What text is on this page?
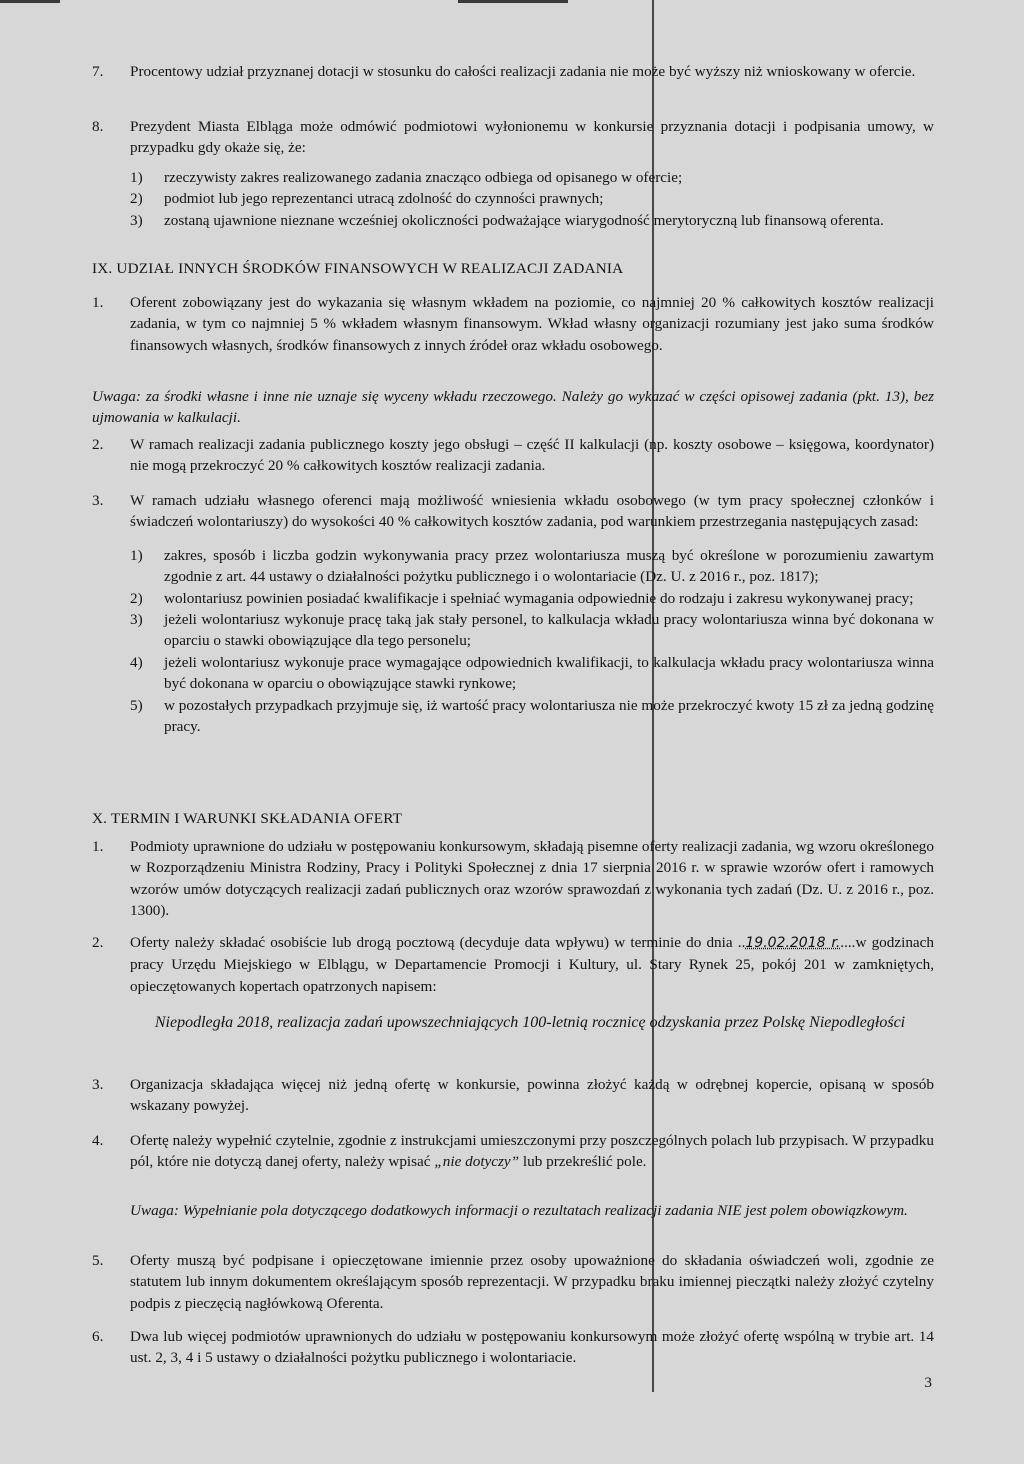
7. Procentowy udział przyznanej dotacji w stosunku do całości realizacji zadania nie może być wyższy niż wnioskowany w ofercie.
8. Prezydent Miasta Elbląga może odmówić podmiotowi wyłonionemu w konkursie przyznania dotacji i podpisania umowy, w przypadku gdy okaże się, że:
1) rzeczywisty zakres realizowanego zadania znacząco odbiega od opisanego w ofercie;
2) podmiot lub jego reprezentanci utracą zdolność do czynności prawnych;
3) zostaną ujawnione nieznane wcześniej okoliczności podważające wiarygodność merytoryczną lub finansową oferenta.
IX. UDZIAŁ INNYCH ŚRODKÓW FINANSOWYCH W REALIZACJI ZADANIA
1. Oferent zobowiązany jest do wykazania się własnym wkładem na poziomie, co najmniej 20 % całkowitych kosztów realizacji zadania, w tym co najmniej 5 % wkładem własnym finansowym. Wkład własny organizacji rozumiany jest jako suma środków finansowych własnych, środków finansowych z innych źródeł oraz wkładu osobowego.
Uwaga: za środki własne i inne nie uznaje się wyceny wkładu rzeczowego. Należy go wykazać w części opisowej zadania (pkt. 13), bez ujmowania w kalkulacji.
2. W ramach realizacji zadania publicznego koszty jego obsługi – część II kalkulacji (np. koszty osobowe – księgowa, koordynator) nie mogą przekroczyć 20 % całkowitych kosztów realizacji zadania.
3. W ramach udziału własnego oferenci mają możliwość wniesienia wkładu osobowego (w tym pracy społecznej członków i świadczeń wolontariuszy) do wysokości 40 % całkowitych kosztów zadania, pod warunkiem przestrzegania następujących zasad:
1) zakres, sposób i liczba godzin wykonywania pracy przez wolontariusza muszą być określone w porozumieniu zawartym zgodnie z art. 44 ustawy o działalności pożytku publicznego i o wolontariacie (Dz. U. z 2016 r., poz. 1817);
2) wolontariusz powinien posiadać kwalifikacje i spełniać wymagania odpowiednie do rodzaju i zakresu wykonywanej pracy;
3) jeżeli wolontariusz wykonuje pracę taką jak stały personel, to kalkulacja wkładu pracy wolontariusza winna być dokonana w oparciu o stawki obowiązujące dla tego personelu;
4) jeżeli wolontariusz wykonuje prace wymagające odpowiednich kwalifikacji, to kalkulacja wkładu pracy wolontariusza winna być dokonana w oparciu o obowiązujące stawki rynkowe;
5) w pozostałych przypadkach przyjmuje się, iż wartość pracy wolontariusza nie może przekroczyć kwoty 15 zł za jedną godzinę pracy.
X. TERMIN I WARUNKI SKŁADANIA OFERT
1. Podmioty uprawnione do udziału w postępowaniu konkursowym, składają pisemne oferty realizacji zadania, wg wzoru określonego w Rozporządzeniu Ministra Rodziny, Pracy i Polityki Społecznej z dnia 17 sierpnia 2016 r. w sprawie wzorów ofert i ramowych wzorów umów dotyczących realizacji zadań publicznych oraz wzorów sprawozdań z wykonania tych zadań (Dz. U. z 2016 r., poz. 1300).
2. Oferty należy składać osobiście lub drogą pocztową (decyduje data wpływu) w terminie do dnia ..19.02.2018 r.....w godzinach pracy Urzędu Miejskiego w Elblągu, w Departamencie Promocji i Kultury, ul. Stary Rynek 25, pokój 201 w zamkniętych, opieczętowanych kopertach opatrzonych napisem:
Niepodległa 2018, realizacja zadań upowszechniających 100-letnią rocznicę odzyskania przez Polskę Niepodległości
3. Organizacja składająca więcej niż jedną ofertę w konkursie, powinna złożyć każdą w odrębnej kopercie, opisaną w sposób wskazany powyżej.
4. Ofertę należy wypełnić czytelnie, zgodnie z instrukcjami umieszczonymi przy poszczególnych polach lub przypisach. W przypadku pól, które nie dotyczą danej oferty, należy wpisać „nie dotyczy” lub przekreślić pole.
Uwaga: Wypełnianie pola dotyczącego dodatkowych informacji o rezultatach realizacji zadania NIE jest polem obowiązkowym.
5. Oferty muszą być podpisane i opieczętowane imiennie przez osoby upoważnione do składania oświadczeń woli, zgodnie ze statutem lub innym dokumentem określającym sposób reprezentacji. W przypadku braku imiennej pieczątki należy złożyć czytelny podpis z pieczęcią nagłówkową Oferenta.
6. Dwa lub więcej podmiotów uprawnionych do udziału w postępowaniu konkursowym może złożyć ofertę wspólną w trybie art. 14 ust. 2, 3, 4 i 5 ustawy o działalności pożytku publicznego i wolontariacie.
3
